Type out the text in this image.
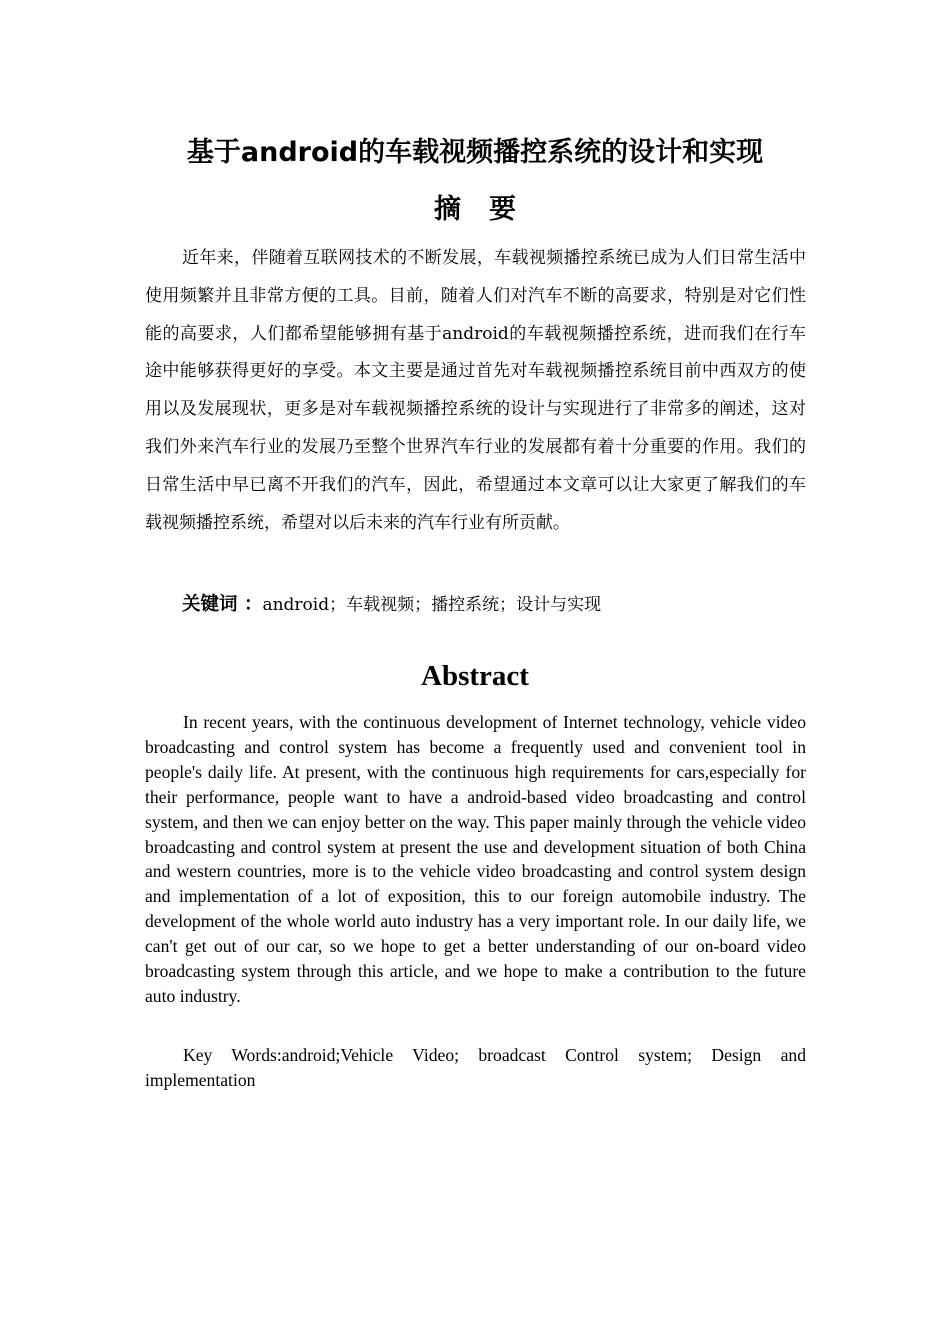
基于android的车载视频播控系统的设计和实现
摘要

近年来，伴随着互联网技术的不断发展，车载视频播控系统已成为人们日常生活中使用频繁并且非常方便的工具。目前，随着人们对汽车不断的高要求，特别是对它们性能的高要求，人们都希望能够拥有基于android的车载视频播控系统，进而我们在行车途中能够获得更好的享受。本文主要是通过首先对车载视频播控系统目前中西双方的使用以及发展现状，更多是对车载视频播控系统的设计与实现进行了非常多的阐述，这对我们外来汽车行业的发展乃至整个世界汽车行业的发展都有着十分重要的作用。我们的日常生活中早已离不开我们的汽车，因此，希望通过本文章可以让大家更了解我们的车载视频播控系统，希望对以后未来的汽车行业有所贡献。

关键词 ：android；车载视频；播控系统；设计与实现
Abstract

In recent years, with the continuous development of Internet technology, vehicle video broadcasting and control system has become a frequently used and convenient tool in people's daily life. At present, with the continuous high requirements for cars,especially for their performance, people want to have a android-based video broadcasting and control system, and then we can enjoy better on the way. This paper mainly through the vehicle video broadcasting and control system at present the use and development situation of both China and western countries, more is to the vehicle video broadcasting and control system design and implementation of a lot of exposition, this to our foreign automobile industry. The development of the whole world auto industry has a very important role. In our daily life, we can't get out of our car, so we hope to get a better understanding of our on-board video broadcasting system through this article, and we hope to make a contribution to the future auto industry.

Key Words:android;Vehicle Video; broadcast Control system; Design and implementation
